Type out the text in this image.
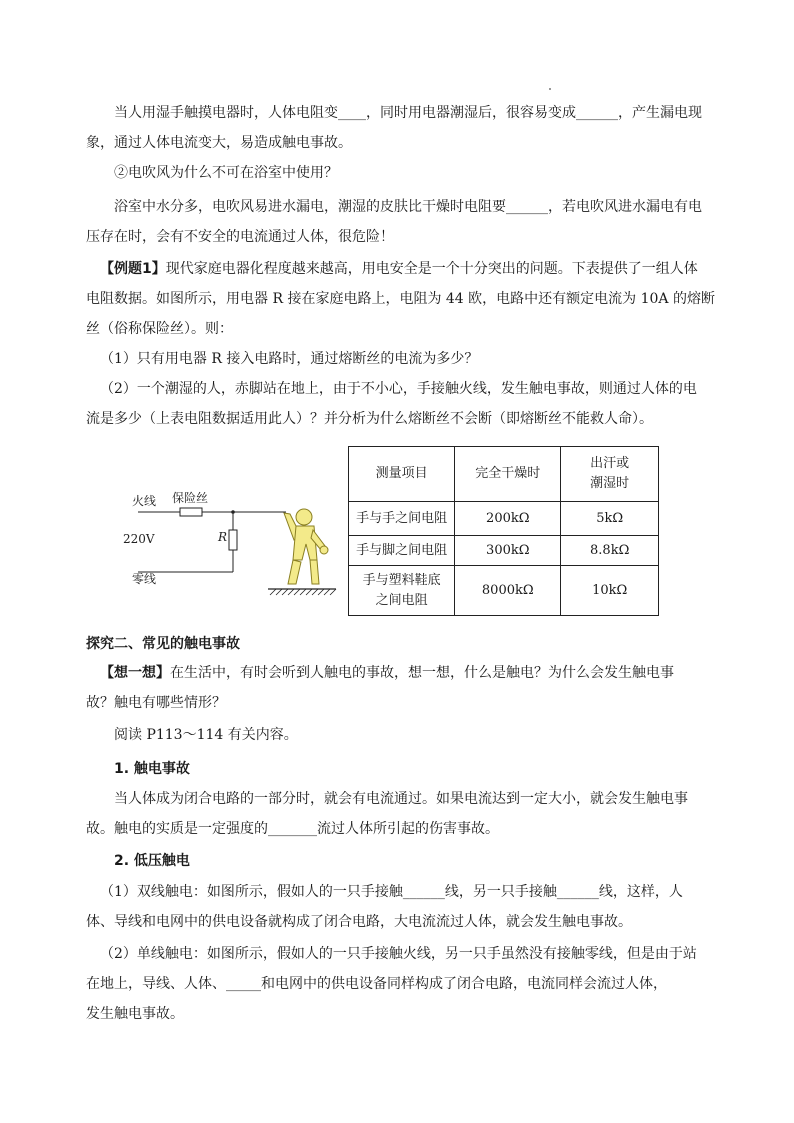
当人用湿手触摸电器时，人体电阻变____，同时用电器潮湿后，很容易变成______，产生漏电现
象，通过人体电流变大，易造成触电事故。

②电吹风为什么不可在浴室中使用？

浴室中水分多，电吹风易进水漏电，潮湿的皮肤比干燥时电阻要______，若电吹风进水漏电有电
压存在时，会有不安全的电流通过人体，很危险！

【例题1】现代家庭电器化程度越来越高，用电安全是一个十分突出的问题。下表提供了一组人体
电阻数据。如图所示，用电器 R 接在家庭电路上，电阻为 44 欧，电路中还有额定电流为 10A 的熔断
丝（俗称保险丝）。则：
（1）只有用电器 R 接入电路时，通过熔断丝的电流为多少？
（2）一个潮湿的人，赤脚站在地上，由于不小心，手接触火线，发生触电事故，则通过人体的电
流是多少（上表电阻数据适用此人）？并分析为什么熔断丝不会断（即熔断丝不能救人命）。

火线 保险丝
220V	R
零线
测量项目	完全干燥时	出汗或
潮湿时
手与手之间电阻	200kΩ	5kΩ
手与脚之间电阻	300kΩ	8.8kΩ
手与塑料鞋底
之间电阻	8000kΩ	10kΩ
探究二、常见的触电事故

【想一想】在生活中，有时会听到人触电的事故，想一想，什么是触电？为什么会发生触电事
故？触电有哪些情形？

阅读 P113～114 有关内容。

1. 触电事故

当人体成为闭合电路的一部分时，就会有电流通过。如果电流达到一定大小，就会发生触电事
故。触电的实质是一定强度的_______流过人体所引起的伤害事故。

2. 低压触电

（1）双线触电：如图所示，假如人的一只手接触______线，另一只手接触______线，这样，人
体、导线和电网中的供电设备就构成了闭合电路，大电流流过人体，就会发生触电事故。

（2）单线触电：如图所示，假如人的一只手接触火线，另一只手虽然没有接触零线，但是由于站
在地上，导线、人体、_____和电网中的供电设备同样构成了闭合电路，电流同样会流过人体，
发生触电事故。
